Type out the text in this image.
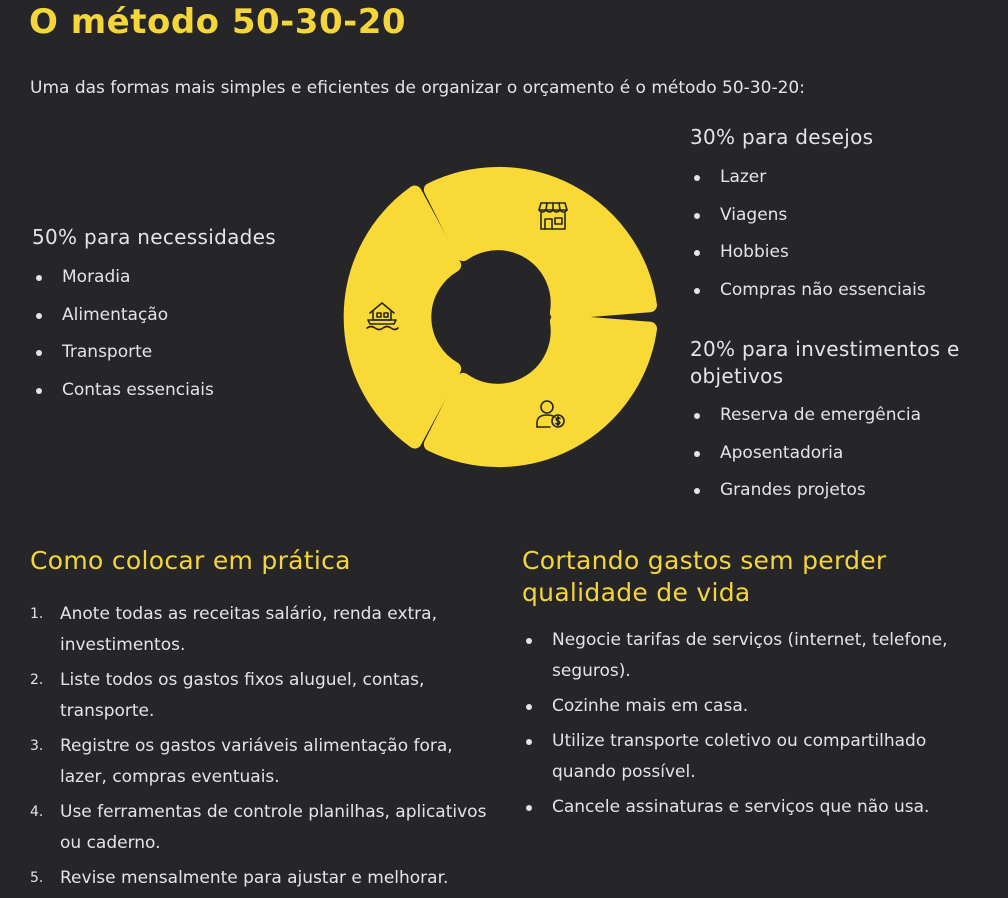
O método 50-30-20

Uma das formas mais simples e eficientes de organizar o orçamento é o método 50-30-20:

50% para necessidades
Moradia
Alimentação
Transporte
Contas essenciais
30% para desejos
Lazer
Viagens
Hobbies
Compras não essenciais
20% para investimentos e objetivos
Reserva de emergência
Aposentadoria
Grandes projetos
Como colocar em prática
1. Anote todas as receitas salário, renda extra, investimentos.
2. Liste todos os gastos fixos aluguel, contas, transporte.
3. Registre os gastos variáveis alimentação fora, lazer, compras eventuais.
4. Use ferramentas de controle planilhas, aplicativos ou caderno.
5. Revise mensalmente para ajustar e melhorar.
Cortando gastos sem perder qualidade de vida
Negocie tarifas de serviços (internet, telefone, seguros).
Cozinhe mais em casa.
Utilize transporte coletivo ou compartilhado quando possível.
Cancele assinaturas e serviços que não usa.
